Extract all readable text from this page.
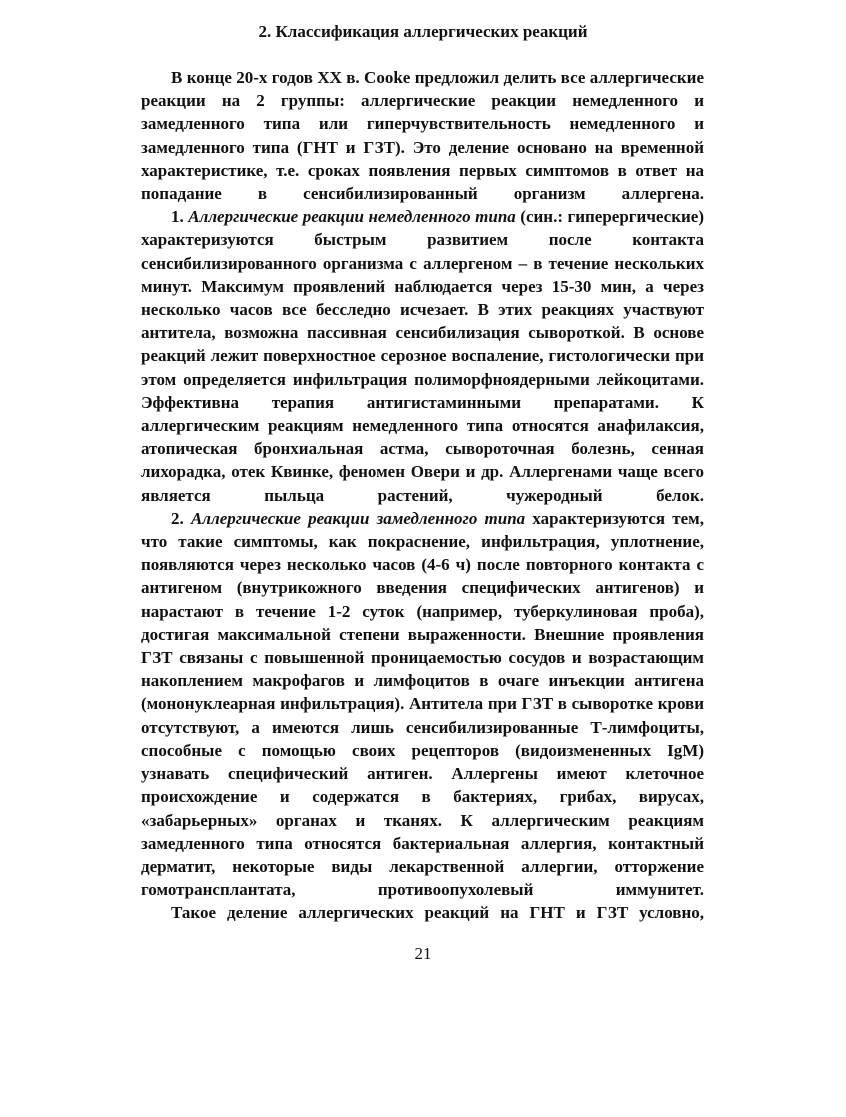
2. Классификация аллергических реакций

В конце 20-х годов XX в. Cooke предложил делить все аллергические реакции на 2 группы: аллергические реакции немедленного и замедленного типа или гиперчувствительность немедленного и замедленного типа (ГНТ и ГЗТ). Это деление основано на временной характеристике, т.е. сроках появления первых симптомов в ответ на попадание в сенсибилизированный организм аллергена.

1. Аллергические реакции немедленного типа (син.: гиперергические) характеризуются быстрым развитием после контакта сенсибилизированного организма с аллергеном – в течение нескольких минут. Максимум проявлений наблюдается через 15-30 мин, а через несколько часов все бесследно исчезает. В этих реакциях участвуют антитела, возможна пассивная сенсибилизация сывороткой. В основе реакций лежит поверхностное серозное воспаление, гистологически при этом определяется инфильтрация полиморфноядерными лейкоцитами. Эффективна терапия антигистаминными препаратами. К аллергическим реакциям немедленного типа относятся анафилаксия, атопическая бронхиальная астма, сывороточная болезнь, сенная лихорадка, отек Квинке, феномен Овери и др. Аллергенами чаще всего является пыльца растений, чужеродный белок.

2. Аллергические реакции замедленного типа характеризуются тем, что такие симптомы, как покраснение, инфильтрация, уплотнение, появляются через несколько часов (4-6 ч) после повторного контакта с антигеном (внутрикожного введения специфических антигенов) и нарастают в течение 1-2 суток (например, туберкулиновая проба), достигая максимальной степени выраженности. Внешние проявления ГЗТ связаны с повышенной проницаемостью сосудов и возрастающим накоплением макрофагов и лимфоцитов в очаге инъекции антигена (мононуклеарная инфильтрация). Антитела при ГЗТ в сыворотке крови отсутствуют, а имеются лишь сенсибилизированные Т-лимфоциты, способные с помощью своих рецепторов (видоизмененных IgM) узнавать специфический антиген. Аллергены имеют клеточное происхождение и содержатся в бактериях, грибах, вирусах, «забарьерных» органах и тканях. К аллергическим реакциям замедленного типа относятся бактериальная аллергия, контактный дерматит, некоторые виды лекарственной аллергии, отторжение гомотрансплантата, противоопухолевый иммунитет.

Такое деление аллергических реакций на ГНТ и ГЗТ условно,

21
